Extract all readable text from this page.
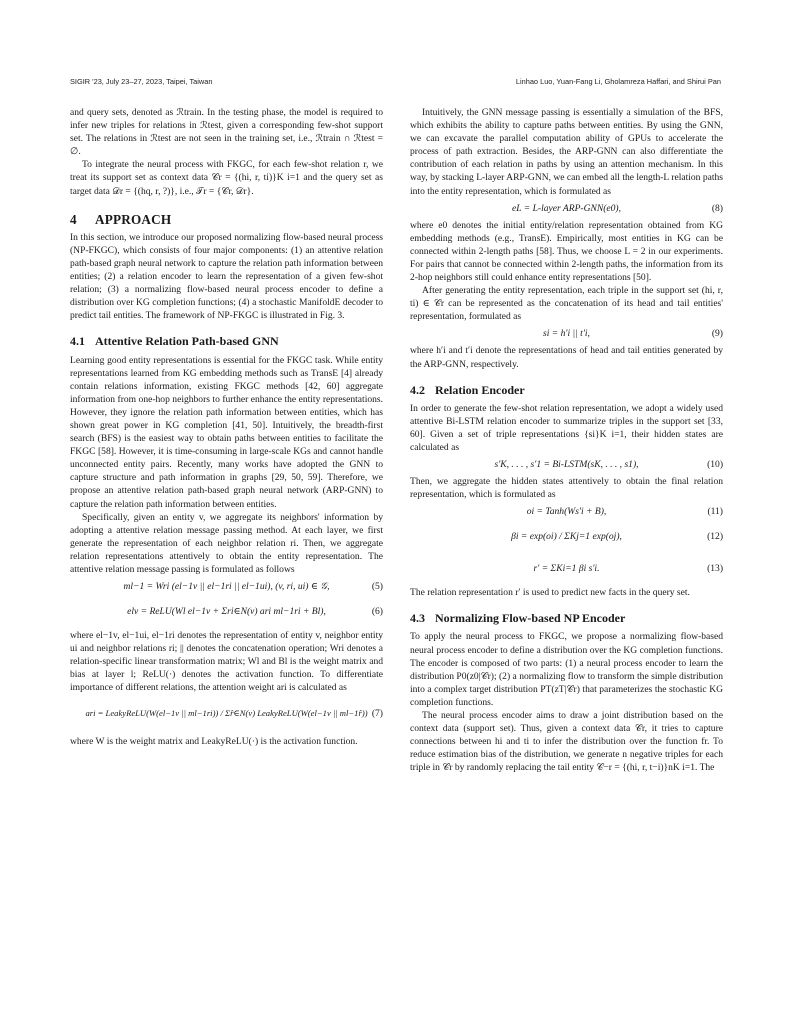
SIGIR '23, July 23–27, 2023, Taipei, Taiwan	Linhao Luo, Yuan-Fang Li, Gholamreza Haffari, and Shirui Pan

and query sets, denoted as ℛtrain. In the testing phase, the model is required to infer new triples for relations in ℛtest, given a corresponding few-shot support set. The relations in ℛtest are not seen in the training set, i.e., ℛtrain ∩ ℛtest = ∅.

To integrate the neural process with FKGC, for each few-shot relation r, we treat its support set as context data 𝒞r = {(hi, r, ti)}K i=1 and the query set as target data 𝒟r = {(hq, r, ?)}, i.e., 𝒯r = {𝒞r, 𝒟r}.

4 APPROACH

In this section, we introduce our proposed normalizing flow-based neural process (NP-FKGC), which consists of four major components: (1) an attentive relation path-based graph neural network to capture the relation path information between entities; (2) a relation encoder to learn the representation of a given few-shot relation; (3) a normalizing flow-based neural process encoder to define a distribution over KG completion functions; (4) a stochastic ManifoldE decoder to predict tail entities. The framework of NP-FKGC is illustrated in Fig. 3.

4.1 Attentive Relation Path-based GNN

Learning good entity representations is essential for the FKGC task. While entity representations learned from KG embedding methods such as TransE [4] already contain relations information, existing FKGC methods [42, 60] aggregate information from one-hop neighbors to further enhance the entity representations. However, they ignore the relation path information between entities, which has shown great power in KG completion [41, 50]. Intuitively, the breadth-first search (BFS) is the easiest way to obtain paths between entities to facilitate the FKGC [58]. However, it is time-consuming in large-scale KGs and cannot handle unconnected entity pairs. Recently, many works have adopted the GNN to capture structure and path information in graphs [29, 50, 59]. Therefore, we propose an attentive relation path-based graph neural network (ARP-GNN) to capture the relation path information between entities.

Specifically, given an entity v, we aggregate its neighbors' information by adopting a attentive relation message passing method. At each layer, we first generate the representation of each neighbor relation ri. Then, we aggregate relation representations attentively to obtain the entity representation. The attentive relation message passing is formulated as follows

ml−1 = Wri (el−1v || el−1ri || el−1ui), (v, ri, ui) ∈ 𝒢,	(5)
elv = ReLU(Wl el−1v + Σri∈N(v) ari ml−1ri + Bl),	(6)

where el−1v, el−1ui, el−1ri denotes the representation of entity v, neighbor entity ui and neighbor relations ri; || denotes the concatenation operation; Wri denotes a relation-specific linear transformation matrix; Wl and Bl is the weight matrix and bias at layer l; ReLU(·) denotes the activation function. To differentiate importance of different relations, the attention weight ari is calculated as

ari = LeakyReLU(W(el−1v || ml−1ri)) / Σr̂∈N(v) LeakyReLU(W(el−1v || ml−1r̂)) (7)

where W is the weight matrix and LeakyReLU(·) is the activation function.

Intuitively, the GNN message passing is essentially a simulation of the BFS, which exhibits the ability to capture paths between entities. By using the GNN, we can excavate the parallel computation ability of GPUs to accelerate the process of path extraction. Besides, the ARP-GNN can also differentiate the contribution of each relation in paths by using an attention mechanism. In this way, by stacking L-layer ARP-GNN, we can embed all the length-L relation paths into the entity representation, which is formulated as

eL = L-layer ARP-GNN(e0),	(8)

where e0 denotes the initial entity/relation representation obtained from KG embedding methods (e.g., TransE). Empirically, most entities in KG can be connected within 2-length paths [58]. Thus, we choose L = 2 in our experiments. For pairs that cannot be connected within 2-length paths, the information from its 2-hop neighbors still could enhance entity representations [50].

After generating the entity representation, each triple in the support set (hi, r, ti) ∈ 𝒞r can be represented as the concatenation of its head and tail entities' representation, formulated as

si = h′i || t′i,	(9)

where h′i and t′i denote the representations of head and tail entities generated by the ARP-GNN, respectively.

4.2 Relation Encoder

In order to generate the few-shot relation representation, we adopt a widely used attentive Bi-LSTM relation encoder to summarize triples in the support set [33, 60]. Given a set of triple representations {si}K i=1, their hidden states are calculated as

s′K, . . . , s′1 = Bi-LSTM(sK, . . . , s1),	(10)

Then, we aggregate the hidden states attentively to obtain the final relation representation, which is formulated as

oi = Tanh(Ws′i + B),	(11)
βi = exp(oi) / ΣKj=1 exp(oj),	(12)
r′ = ΣKi=1 βi s′i.	(13)

The relation representation r′ is used to predict new facts in the query set.

4.3 Normalizing Flow-based NP Encoder

To apply the neural process to FKGC, we propose a normalizing flow-based neural process encoder to define a distribution over the KG completion functions. The encoder is composed of two parts: (1) a neural process encoder to learn the distribution P0(z0|𝒞r); (2) a normalizing flow to transform the simple distribution into a complex target distribution PT(zT|𝒞r) that parameterizes the stochastic KG completion functions.

The neural process encoder aims to draw a joint distribution based on the context data (support set). Thus, given a context data 𝒞r, it tries to capture connections between hi and ti to infer the distribution over the function fr. To reduce estimation bias of the distribution, we generate n negative triples for each triple in 𝒞r by randomly replacing the tail entity 𝒞−r = {(hi, r, t−i)}nK i=1. The
